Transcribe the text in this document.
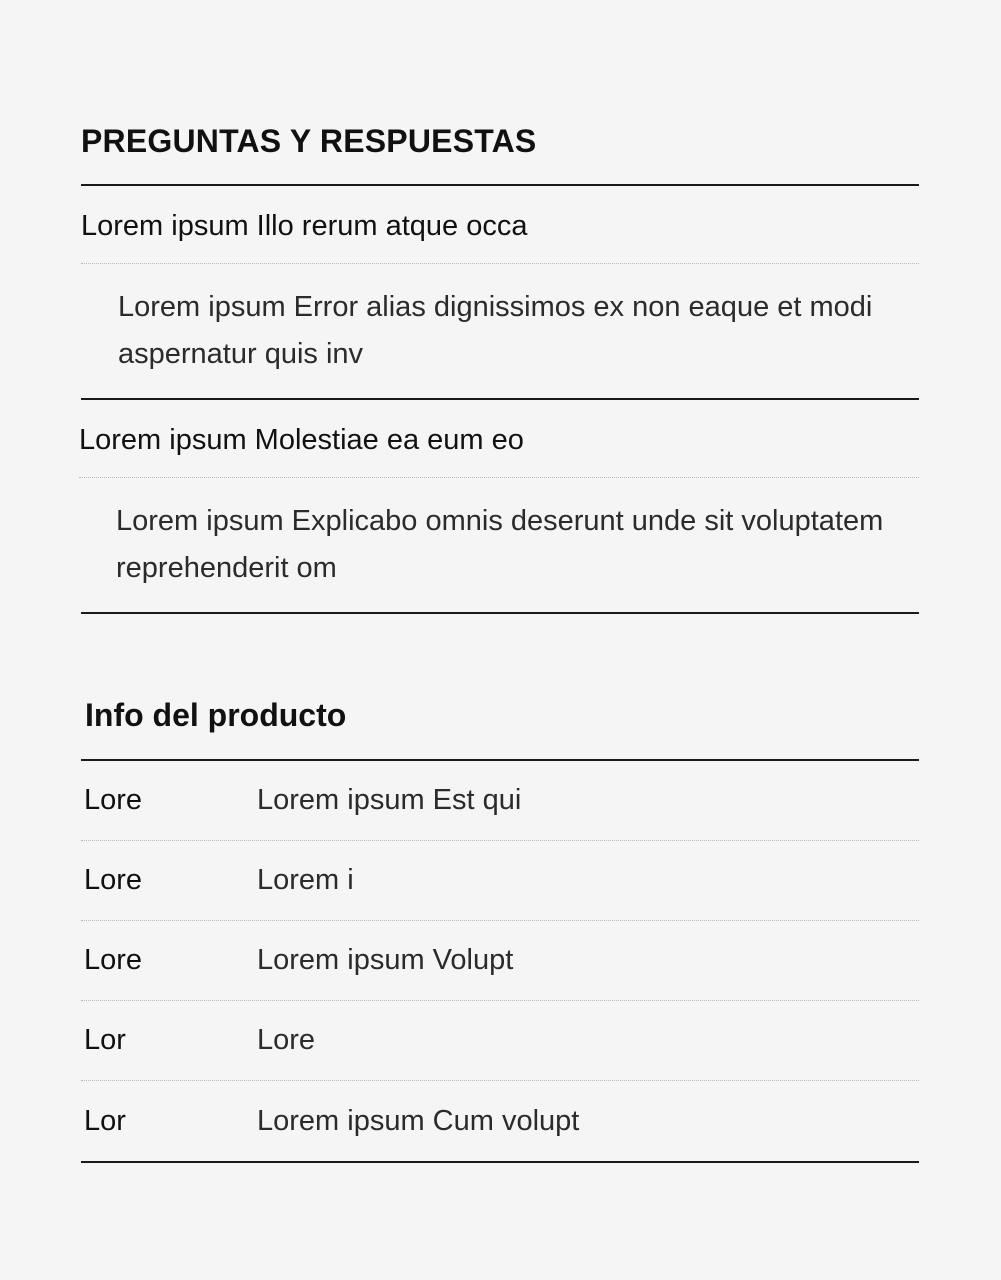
PREGUNTAS Y RESPUESTAS
Lorem ipsum Illo rerum atque occa
Lorem ipsum Error alias dignissimos ex non eaque et modi aspernatur quis inv
Lorem ipsum Molestiae ea eum eo
Lorem ipsum Explicabo omnis deserunt unde sit voluptatem reprehenderit om
Info del producto
Lore	Lorem ipsum Est qui
Lore	Lorem i
Lore	Lorem ipsum Volupt
Lor	Lore
Lor	Lorem ipsum Cum volupt
